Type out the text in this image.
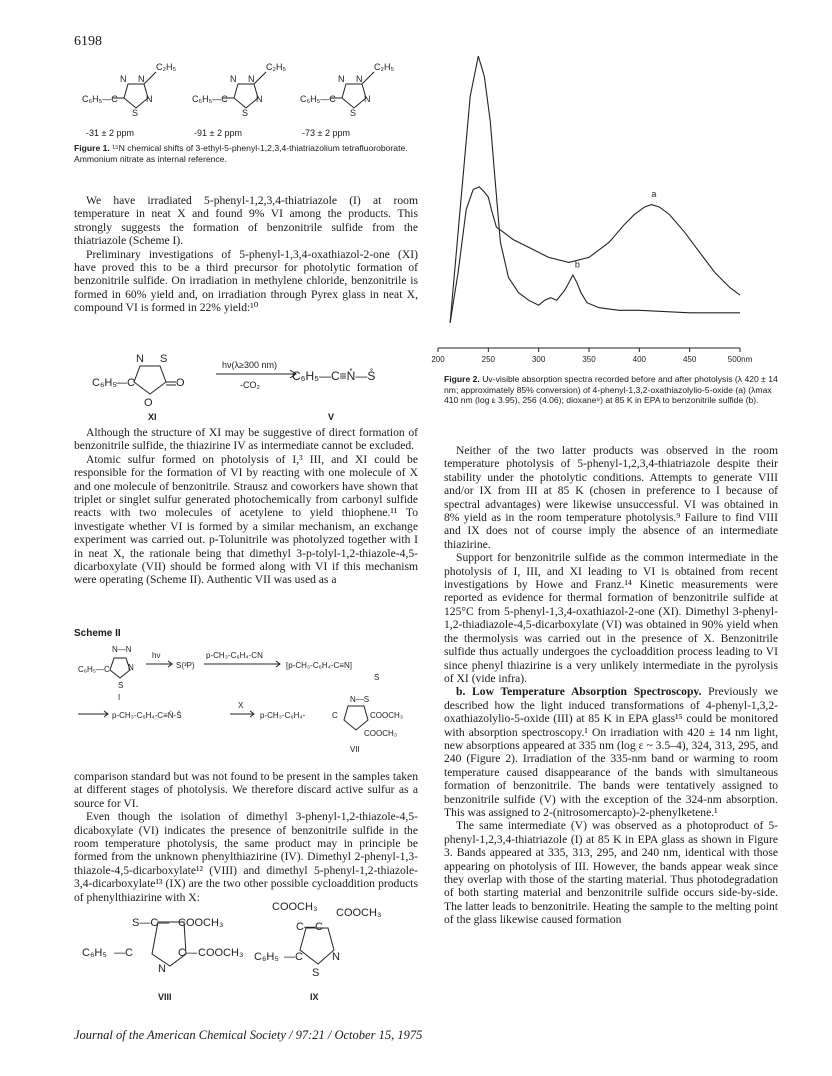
6198
N N
C₂H₅
C₆H₅—C	N
S
N N
C₂H₅
C₆H₅—C	N
S
N N
C₂H₅
C₆H₅—C	N
S
-31 ± 2 ppm	-91 ± 2 ppm	-73 ± 2 ppm
Figure 1. ¹⁵N chemical shifts of 3-ethyl-5-phenyl-1,2,3,4-thiatriazolium tetrafluoroborate. Ammonium nitrate as internal reference.

We have irradiated 5-phenyl-1,2,3,4-thiatriazole (I) at room temperature in neat X and found 9% VI among the products. This strongly suggests the formation of benzonitrile sulfide from the thiatriazole (Scheme I).

Preliminary investigations of 5-phenyl-1,3,4-oxathiazol-2-one (XI) have proved this to be a third precursor for photolytic formation of benzonitrile sulfide. On irradiation in methylene chloride, benzonitrile is formed in 60% yield and, on irradiation through Pyrex glass in neat X, compound VI is formed in 22% yield:¹⁰

C₆H₅ —C
N S
O
O
C₆H₅—C≡N̊—S̊
hν(λ≥300 nm)
-CO₂
XI	V

Although the structure of XI may be suggestive of direct formation of benzonitrile sulfide, the thiazirine IV as intermediate cannot be excluded.

Atomic sulfur formed on photolysis of I,³ III, and XI could be responsible for the formation of VI by reacting with one molecule of X and one molecule of benzonitrile. Strausz and coworkers have shown that triplet or singlet sulfur generated photochemically from carbonyl sulfide reacts with two molecules of acetylene to yield thiophene.¹¹ To investigate whether VI is formed by a similar mechanism, an exchange experiment was carried out. p-Tolunitrile was photolyzed together with I in neat X, the rationale being that dimethyl 3-p-tolyl-1,2-thiazole-4,5-dicarboxylate (VII) should be formed along with VI if this mechanism were operating (Scheme II). Authentic VII was used as a

Scheme II
C₆H₅—C
N—N
N
S
hν
S(³P)
p-CH₃-C₆H₄-CN
[p-CH₃-C₆H₄-C≡N]
S
I
p-CH₃-C₆H₄-C≡N̊-S̊
X
p-CH₃-C₆H₄-	C
N—S
COOCH₃
COOCH₃
VII

comparison standard but was not found to be present in the samples taken at different stages of photolysis. We therefore discard active sulfur as a source for VI.

Even though the isolation of dimethyl 3-phenyl-1,2-thiazole-4,5-dicaboxylate (VI) indicates the presence of benzonitrile sulfide in the room temperature photolysis, the same product may in principle be formed from the unknown phenylthiazirine (IV). Dimethyl 2-phenyl-1,3-thiazole-4,5-dicarboxylate¹² (VIII) and dimethyl 5-phenyl-1,2-thiazole-3,4-dicarboxylate¹³ (IX) are the two other possible cycloaddition products of phenylthiazirine with X:

S—C— COOCH₃
C₆H₅ —C	C— COOCH₃
N
COOCH₃ COOCH₃
C—C
C₆H₅ —C	N
S
VIII	IX
200	250	300	350	400	450	500nm
a
b
Figure 2. Uv-visible absorption spectra recorded before and after photolysis (λ 420 ± 14 nm; approximately 85% conversion) of 4-phenyl-1,3,2-oxathiazolylio-5-oxide (a) (λmax 410 nm (log ε 3.95), 256 (4.06); dioxane⁹) at 85 K in EPA to benzonitrile sulfide (b).

Neither of the two latter products was observed in the room temperature photolysis of 5-phenyl-1,2,3,4-thiatriazole despite their stability under the photolytic conditions. Attempts to generate VIII and/or IX from III at 85 K (chosen in preference to I because of spectral advantages) were likewise unsuccessful. VI was obtained in 8% yield as in the room temperature photolysis.⁹ Failure to find VIII and IX does not of course imply the absence of an intermediate thiazirine.

Support for benzonitrile sulfide as the common intermediate in the photolysis of I, III, and XI leading to VI is obtained from recent investigations by Howe and Franz.¹⁴ Kinetic measurements were reported as evidence for thermal formation of benzonitrile sulfide at 125°C from 5-phenyl-1,3,4-oxathiazol-2-one (XI). Dimethyl 3-phenyl-1,2-thiadiazole-4,5-dicarboxylate (VI) was obtained in 90% yield when the thermolysis was carried out in the presence of X. Benzonitrile sulfide thus actually undergoes the cycloaddition process leading to VI since phenyl thiazirine is a very unlikely intermediate in the pyrolysis of XI (vide infra).

b. Low Temperature Absorption Spectroscopy. Previously we described how the light induced transformations of 4-phenyl-1,3,2-oxathiazolylio-5-oxide (III) at 85 K in EPA glass¹⁵ could be monitored with absorption spectroscopy.¹ On irradiation with 420 ± 14 nm light, new absorptions appeared at 335 nm (log ε ~ 3.5–4), 324, 313, 295, and 240 (Figure 2). Irradiation of the 335-nm band or warming to room temperature caused disappearance of the bands with simultaneous formation of benzonitrile. The bands were tentatively assigned to benzonitrile sulfide (V) with the exception of the 324-nm absorption. This was assigned to 2-(nitrosomercapto)-2-phenylketene.¹

The same intermediate (V) was observed as a photoproduct of 5-phenyl-1,2,3,4-thiatriazole (I) at 85 K in EPA glass as shown in Figure 3. Bands appeared at 335, 313, 295, and 240 nm, identical with those appearing on photolysis of III. However, the bands appear weak since they overlap with those of the starting material. Thus photodegradation of both starting material and benzonitrile sulfide occurs side-by-side. The latter leads to benzonitrile. Heating the sample to the melting point of the glass likewise caused formation

Journal of the American Chemical Society / 97:21 / October 15, 1975
